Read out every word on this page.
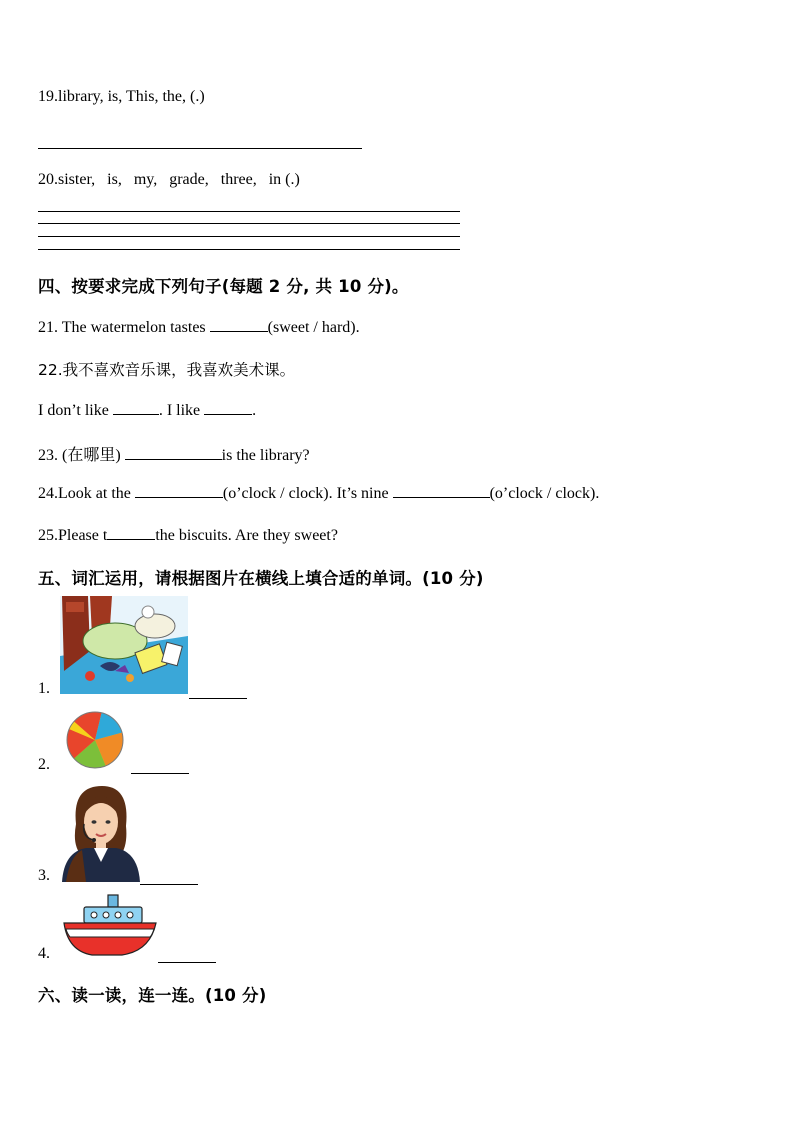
19.library, is, This, the, (.)
20.sister, is, my, grade, three, in (.)
四、按要求完成下列句子(每题 2 分, 共 10 分)。
21. The watermelon tastes	(sweet / hard).
22.我不喜欢音乐课，我喜欢美术课。
I don’t like	. I like	.
23. (在哪里)	is the library?
24.Look at the	(o’clock / clock). It’s nine	(o’clock / clock).
25.Please t	the biscuits. Are they sweet?
五、词汇运用，请根据图片在横线上填合适的单词。(10 分)
1.
2.
3.
4.
六、读一读，连一连。(10 分)
